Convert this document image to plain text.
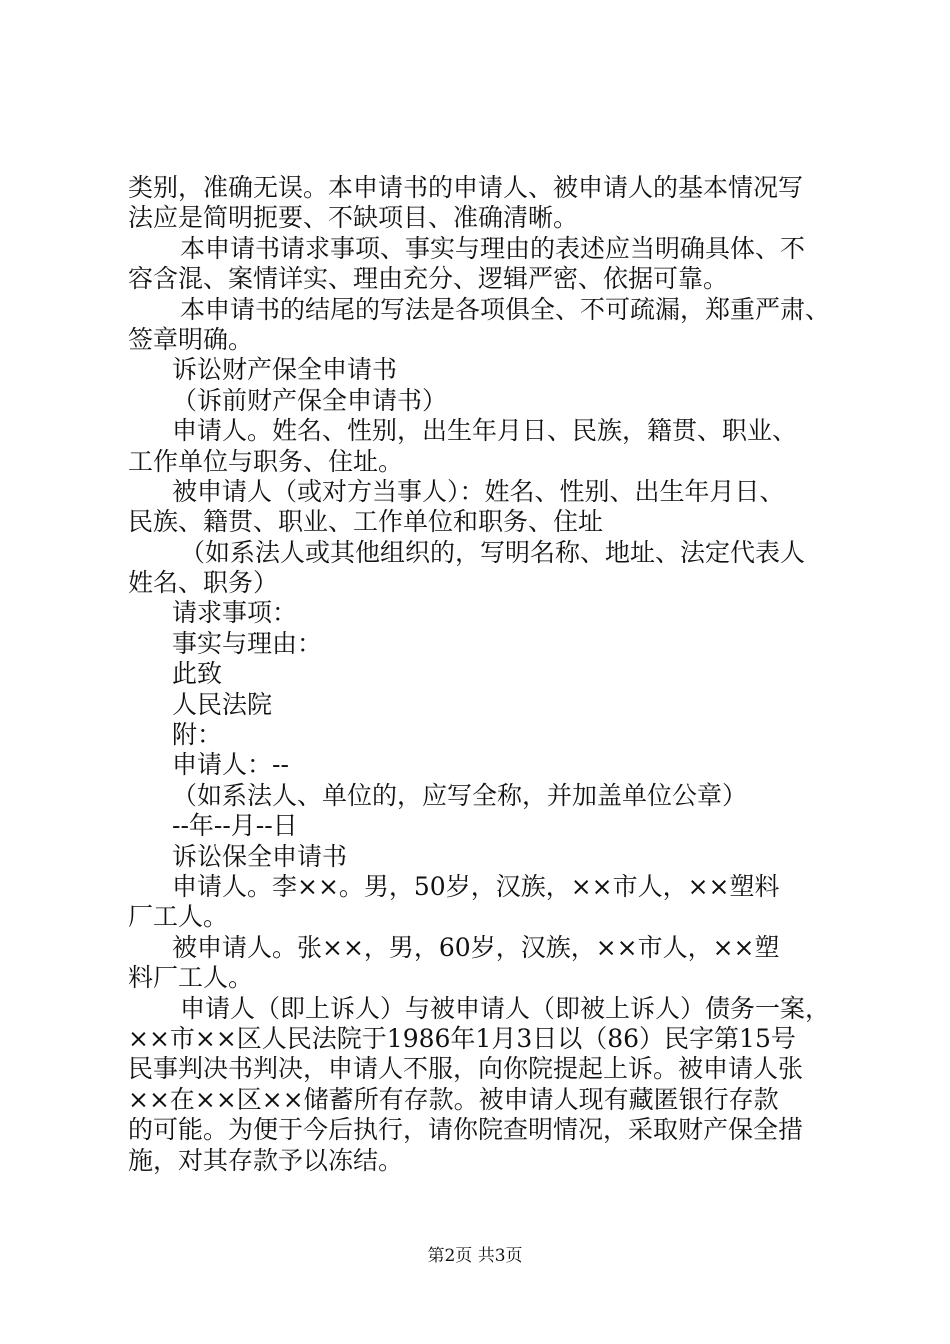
类别，准确无误。本申请书的申请人、被申请人的基本情况写
法应是简明扼要、不缺项目、准确清晰。
本申请书请求事项、事实与理由的表述应当明确具体、不
容含混、案情详实、理由充分、逻辑严密、依据可靠。
本申请书的结尾的写法是各项俱全、不可疏漏，郑重严肃、
签章明确。
诉讼财产保全申请书
（诉前财产保全申请书）
申请人。姓名、性别，出生年月日、民族，籍贯、职业、
工作单位与职务、住址。
被申请人（或对方当事人）：姓名、性别、出生年月日、
民族、籍贯、职业、工作单位和职务、住址
（如系法人或其他组织的，写明名称、地址、法定代表人
姓名、职务）
请求事项：
事实与理由：
此致
人民法院
附：
申请人：--
（如系法人、单位的，应写全称，并加盖单位公章）
--年--月--日
诉讼保全申请书
申请人。李××。男，50岁，汉族，××市人，××塑料
厂工人。
被申请人。张××，男，60岁，汉族，××市人，××塑
料厂工人。
申请人（即上诉人）与被申请人（即被上诉人）债务一案，
××市××区人民法院于1986年1月3日以（86）民字第15号
民事判决书判决，申请人不服，向你院提起上诉。被申请人张
××在××区××储蓄所有存款。被申请人现有藏匿银行存款
的可能。为便于今后执行，请你院查明情况，采取财产保全措
施，对其存款予以冻结。
第2页 共3页
